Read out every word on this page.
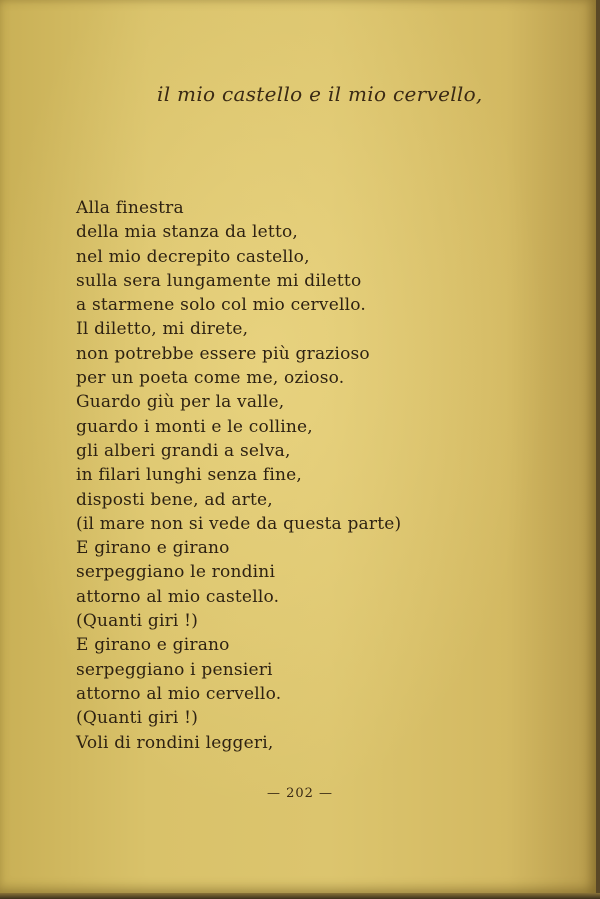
il mio castello e il mio cervello,
Alla finestra
della mia stanza da letto,
nel mio decrepito castello,
sulla sera lungamente mi diletto
a starmene solo col mio cervello.
Il diletto, mi direte,
non potrebbe essere più grazioso
per un poeta come me, ozioso.
Guardo giù per la valle,
guardo i monti e le colline,
gli alberi grandi a selva,
in filari lunghi senza fine,
disposti bene, ad arte,
(il mare non si vede da questa parte)
E girano e girano
serpeggiano le rondini
attorno al mio castello.
(Quanti giri !)
E girano e girano
serpeggiano i pensieri
attorno al mio cervello.
(Quanti giri !)
Voli di rondini leggeri,
— 202 —
